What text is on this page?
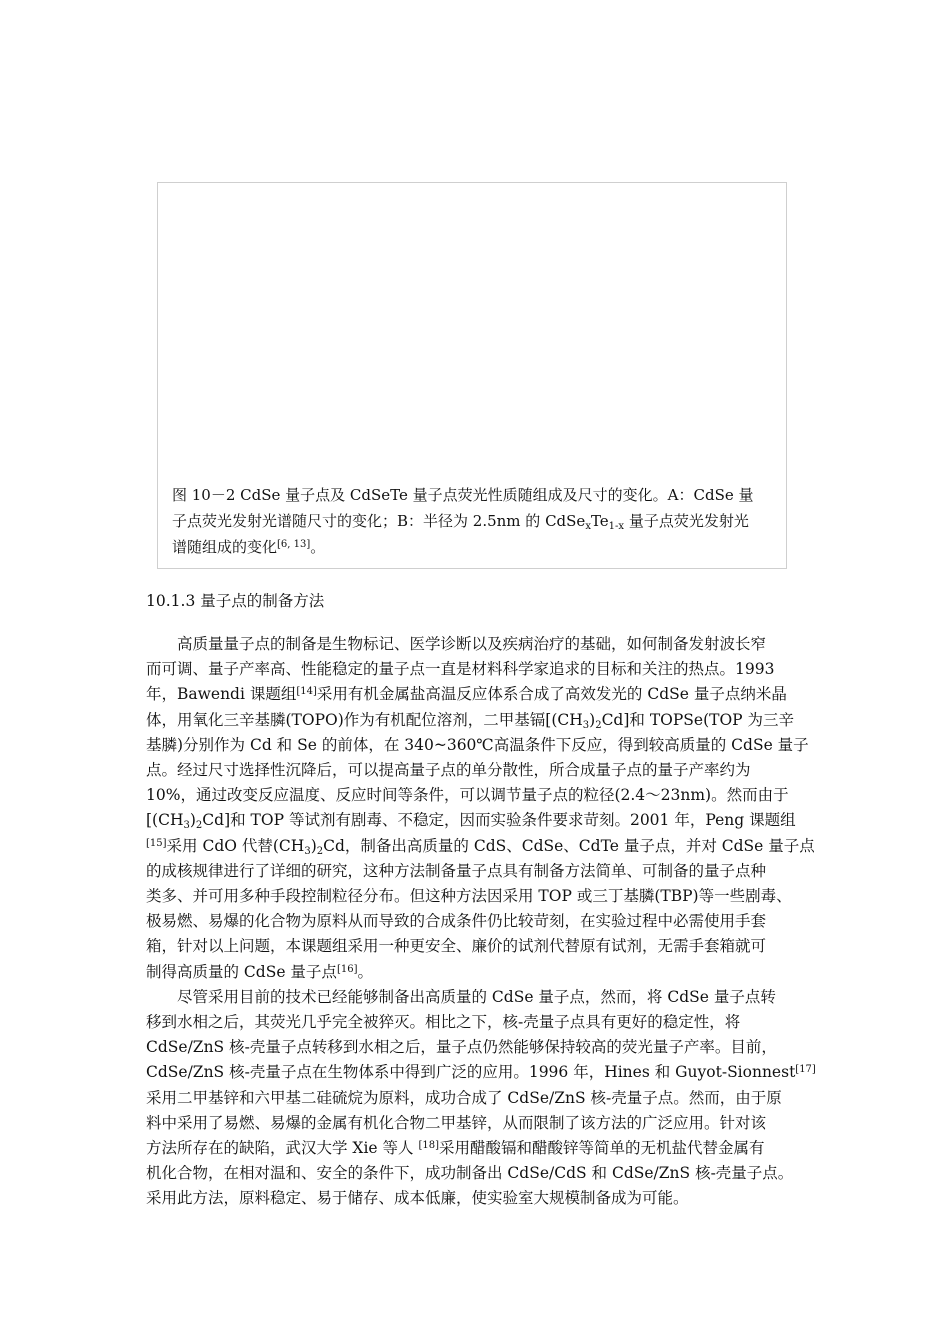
图 10－2 CdSe 量子点及 CdSeTe 量子点荧光性质随组成及尺寸的变化。A：CdSe 量
子点荧光发射光谱随尺寸的变化；B：半径为 2.5nm 的 $CdSe_xTe_{1-x}$ 量子点荧光发射光
谱随组成的变化[6, 13]。
10.1.3 量子点的制备方法
　　高质量量子点的制备是生物标记、医学诊断以及疾病治疗的基础，如何制备发射波长窄
而可调、量子产率高、性能稳定的量子点一直是材料科学家追求的目标和关注的热点。1993
年，Bawendi 课题组[14]采用有机金属盐高温反应体系合成了高效发光的 CdSe 量子点纳米晶
体，用氧化三辛基膦(TOPO)作为有机配位溶剂，二甲基镉$[(CH_3)_2Cd]$和 TOPSe(TOP 为三辛
基膦)分别作为 Cd 和 Se 的前体，在 340~360℃高温条件下反应，得到较高质量的 CdSe 量子
点。经过尺寸选择性沉降后，可以提高量子点的单分散性，所合成量子点的量子产率约为
10%，通过改变反应温度、反应时间等条件，可以调节量子点的粒径(2.4～23nm)。然而由于
$[(CH_3)_2Cd]$和 TOP 等试剂有剧毒、不稳定，因而实验条件要求苛刻。2001 年，Peng 课题组
[15]采用 CdO 代替$(CH_3)_2Cd$，制备出高质量的 CdS、CdSe、CdTe 量子点，并对 CdSe 量子点
的成核规律进行了详细的研究，这种方法制备量子点具有制备方法简单、可制备的量子点种
类多、并可用多种手段控制粒径分布。但这种方法因采用 TOP 或三丁基膦(TBP)等一些剧毒、
极易燃、易爆的化合物为原料从而导致的合成条件仍比较苛刻，在实验过程中必需使用手套
箱，针对以上问题，本课题组采用一种更安全、廉价的试剂代替原有试剂，无需手套箱就可
制得高质量的 CdSe 量子点[16]。
　　尽管采用目前的技术已经能够制备出高质量的 CdSe 量子点，然而，将 CdSe 量子点转
移到水相之后，其荧光几乎完全被猝灭。相比之下，核-壳量子点具有更好的稳定性，将
CdSe/ZnS 核-壳量子点转移到水相之后，量子点仍然能够保持较高的荧光量子产率。目前，
CdSe/ZnS 核-壳量子点在生物体系中得到广泛的应用。1996 年，Hines 和 Guyot-Sionnest[17]
采用二甲基锌和六甲基二硅硫烷为原料，成功合成了 CdSe/ZnS 核-壳量子点。然而，由于原
料中采用了易燃、易爆的金属有机化合物二甲基锌，从而限制了该方法的广泛应用。针对该
方法所存在的缺陷，武汉大学 Xie 等人 [18]采用醋酸镉和醋酸锌等简单的无机盐代替金属有
机化合物，在相对温和、安全的条件下，成功制备出 CdSe/CdS 和 CdSe/ZnS 核-壳量子点。
采用此方法，原料稳定、易于储存、成本低廉，使实验室大规模制备成为可能。
